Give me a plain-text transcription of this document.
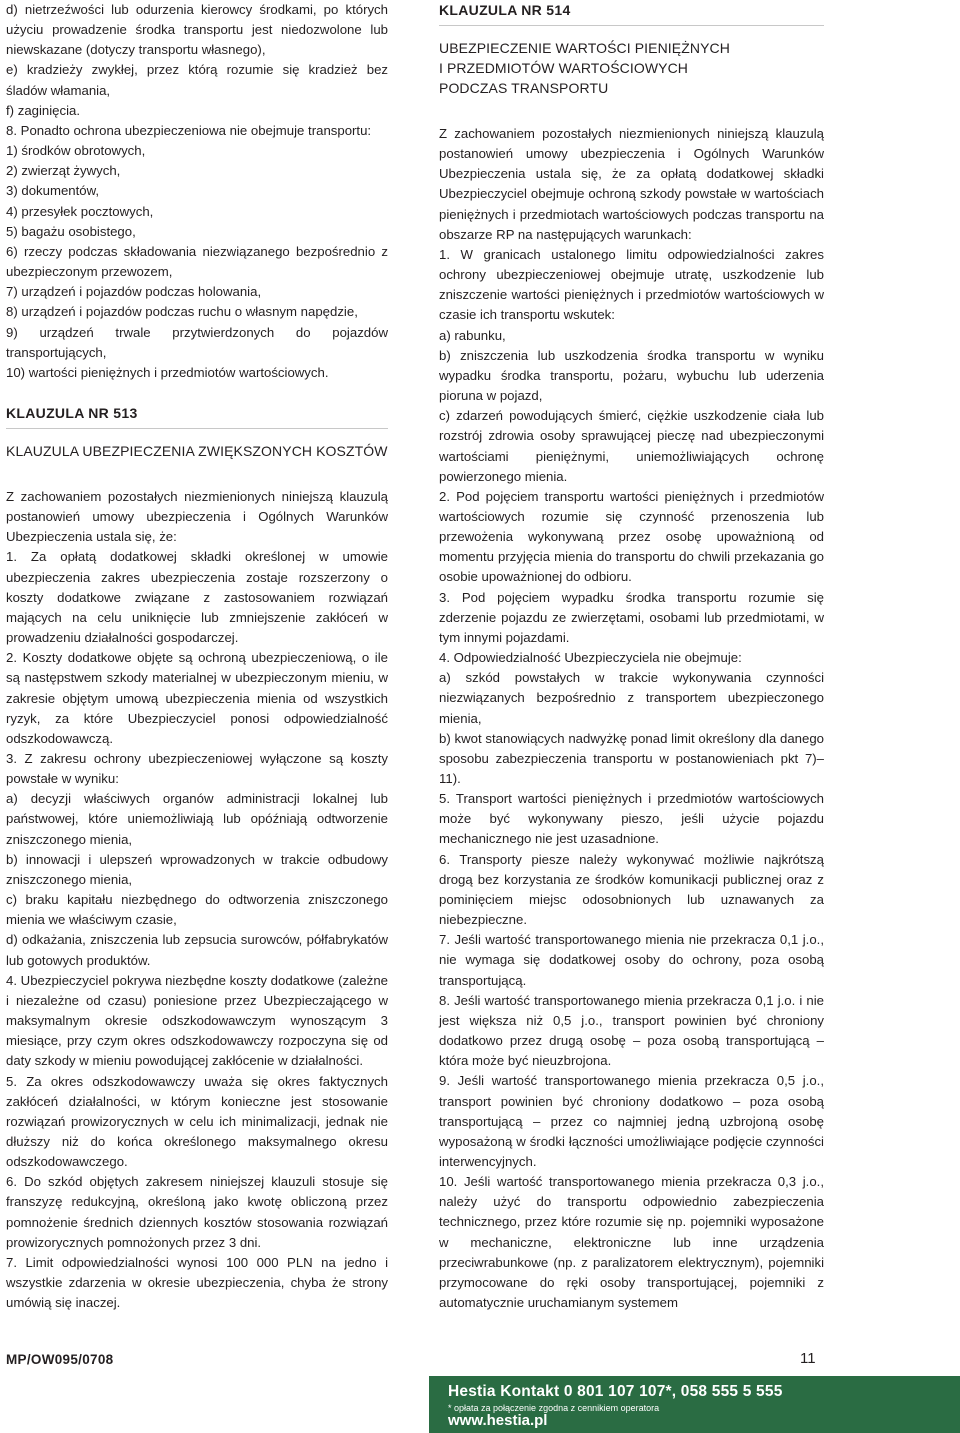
d) nietrzeźwości lub odurzenia kierowcy środkami, po których użyciu prowadzenie środka transportu jest niedozwolone lub niewskazane (dotyczy transportu własnego),

e) kradzieży zwykłej, przez którą rozumie się kradzież bez śladów włamania,

f) zaginięcia.

8. Ponadto ochrona ubezpieczeniowa nie obejmuje transportu:

1) środków obrotowych,

2) zwierząt żywych,

3) dokumentów,

4) przesyłek pocztowych,

5) bagażu osobistego,

6) rzeczy podczas składowania niezwiązanego bezpośrednio z ubezpieczonym przewozem,

7) urządzeń i pojazdów podczas holowania,

8) urządzeń i pojazdów podczas ruchu o własnym napędzie,

9) urządzeń trwale przytwierdzonych do pojazdów transportujących,

10) wartości pieniężnych i przedmiotów wartościowych.

KLAUZULA NR 513

KLAUZULA UBEZPIECZENIA ZWIĘKSZONYCH KOSZTÓW

Z zachowaniem pozostałych niezmienionych niniejszą klauzulą postanowień umowy ubezpieczenia i Ogólnych Warunków Ubezpieczenia ustala się, że:

1. Za opłatą dodatkowej składki określonej w umowie ubezpieczenia zakres ubezpieczenia zostaje rozszerzony o koszty dodatkowe związane z zastosowaniem rozwiązań mających na celu uniknięcie lub zmniejszenie zakłóceń w prowadzeniu działalności gospodarczej.

2. Koszty dodatkowe objęte są ochroną ubezpieczeniową, o ile są następstwem szkody materialnej w ubezpieczonym mieniu, w zakresie objętym umową ubezpieczenia mienia od wszystkich ryzyk, za które Ubezpieczyciel ponosi odpowiedzialność odszkodowawczą.

3. Z zakresu ochrony ubezpieczeniowej wyłączone są koszty powstałe w wyniku:

a) decyzji właściwych organów administracji lokalnej lub państwowej, które uniemożliwiają lub opóźniają odtworzenie zniszczonego mienia,

b) innowacji i ulepszeń wprowadzonych w trakcie odbudowy zniszczonego mienia,

c) braku kapitału niezbędnego do odtworzenia zniszczonego mienia we właściwym czasie,

d) odkażania, zniszczenia lub zepsucia surowców, półfabrykatów lub gotowych produktów.

4. Ubezpieczyciel pokrywa niezbędne koszty dodatkowe (zależne i niezależne od czasu) poniesione przez Ubezpieczającego w maksymalnym okresie odszkodowawczym wynoszącym 3 miesiące, przy czym okres odszkodowawczy rozpoczyna się od daty szkody w mieniu powodującej zakłócenie w działalności.

5. Za okres odszkodowawczy uważa się okres faktycznych zakłóceń działalności, w którym konieczne jest stosowanie rozwiązań prowizorycznych w celu ich minimalizacji, jednak nie dłuższy niż do końca określonego maksymalnego okresu odszkodowawczego.

6. Do szkód objętych zakresem niniejszej klauzuli stosuje się franszyzę redukcyjną, określoną jako kwotę obliczoną przez pomnożenie średnich dziennych kosztów stosowania rozwiązań prowizorycznych pomnożonych przez 3 dni.

7. Limit odpowiedzialności wynosi 100 000 PLN na jedno i wszystkie zdarzenia w okresie ubezpieczenia, chyba że strony umówią się inaczej.

KLAUZULA NR 514

UBEZPIECZENIE WARTOŚCI PIENIĘŻNYCH

I PRZEDMIOTÓW WARTOŚCIOWYCH

PODCZAS TRANSPORTU

Z zachowaniem pozostałych niezmienionych niniejszą klauzulą postanowień umowy ubezpieczenia i Ogólnych Warunków Ubezpieczenia ustala się, że za opłatą dodatkowej składki Ubezpieczyciel obejmuje ochroną szkody powstałe w wartościach pieniężnych i przedmiotach wartościowych podczas transportu na obszarze RP na następujących warunkach:

1. W granicach ustalonego limitu odpowiedzialności zakres ochrony ubezpieczeniowej obejmuje utratę, uszkodzenie lub zniszczenie wartości pieniężnych i przedmiotów wartościowych w czasie ich transportu wskutek:

a) rabunku,

b) zniszczenia lub uszkodzenia środka transportu w wyniku wypadku środka transportu, pożaru, wybuchu lub uderzenia pioruna w pojazd,

c) zdarzeń powodujących śmierć, ciężkie uszkodzenie ciała lub rozstrój zdrowia osoby sprawującej pieczę nad ubezpieczonymi wartościami pieniężnymi, uniemożliwiających ochronę powierzonego mienia.

2. Pod pojęciem transportu wartości pieniężnych i przedmiotów wartościowych rozumie się czynność przenoszenia lub przewożenia wykonywaną przez osobę upoważnioną od momentu przyjęcia mienia do transportu do chwili przekazania go osobie upoważnionej do odbioru.

3. Pod pojęciem wypadku środka transportu rozumie się zderzenie pojazdu ze zwierzętami, osobami lub przedmiotami, w tym innymi pojazdami.

4. Odpowiedzialność Ubezpieczyciela nie obejmuje:

a) szkód powstałych w trakcie wykonywania czynności niezwiązanych bezpośrednio z transportem ubezpieczonego mienia,

b) kwot stanowiących nadwyżkę ponad limit określony dla danego sposobu zabezpieczenia transportu w postanowieniach pkt 7)–11).

5. Transport wartości pieniężnych i przedmiotów wartościowych może być wykonywany pieszo, jeśli użycie pojazdu mechanicznego nie jest uzasadnione.

6. Transporty piesze należy wykonywać możliwie najkrótszą drogą bez korzystania ze środków komunikacji publicznej oraz z pominięciem miejsc odosobnionych lub uznawanych za niebezpieczne.

7. Jeśli wartość transportowanego mienia nie przekracza 0,1 j.o., nie wymaga się dodatkowej osoby do ochrony, poza osobą transportującą.

8. Jeśli wartość transportowanego mienia przekracza 0,1 j.o. i nie jest większa niż 0,5 j.o., transport powinien być chroniony dodatkowo przez drugą osobę – poza osobą transportującą – która może być nieuzbrojona.

9. Jeśli wartość transportowanego mienia przekracza 0,5 j.o., transport powinien być chroniony dodatkowo – poza osobą transportującą – przez co najmniej jedną uzbrojoną osobę wyposażoną w środki łączności umożliwiające podjęcie czynności interwencyjnych.

10. Jeśli wartość transportowanego mienia przekracza 0,3 j.o., należy użyć do transportu odpowiednio zabezpieczenia technicznego, przez które rozumie się np. pojemniki wyposażone w mechaniczne, elektroniczne lub inne urządzenia przeciwrabunkowe (np. z paralizatorem elektrycznym), pojemniki przymocowane do ręki osoby transportującej, pojemniki z automatycznie uruchamianym systemem

MP/OW095/0708	11
Hestia Kontakt 0 801 107 107*, 058 555 5 555
* opłata za połączenie zgodna z cennikiem operatora
www.hestia.pl
